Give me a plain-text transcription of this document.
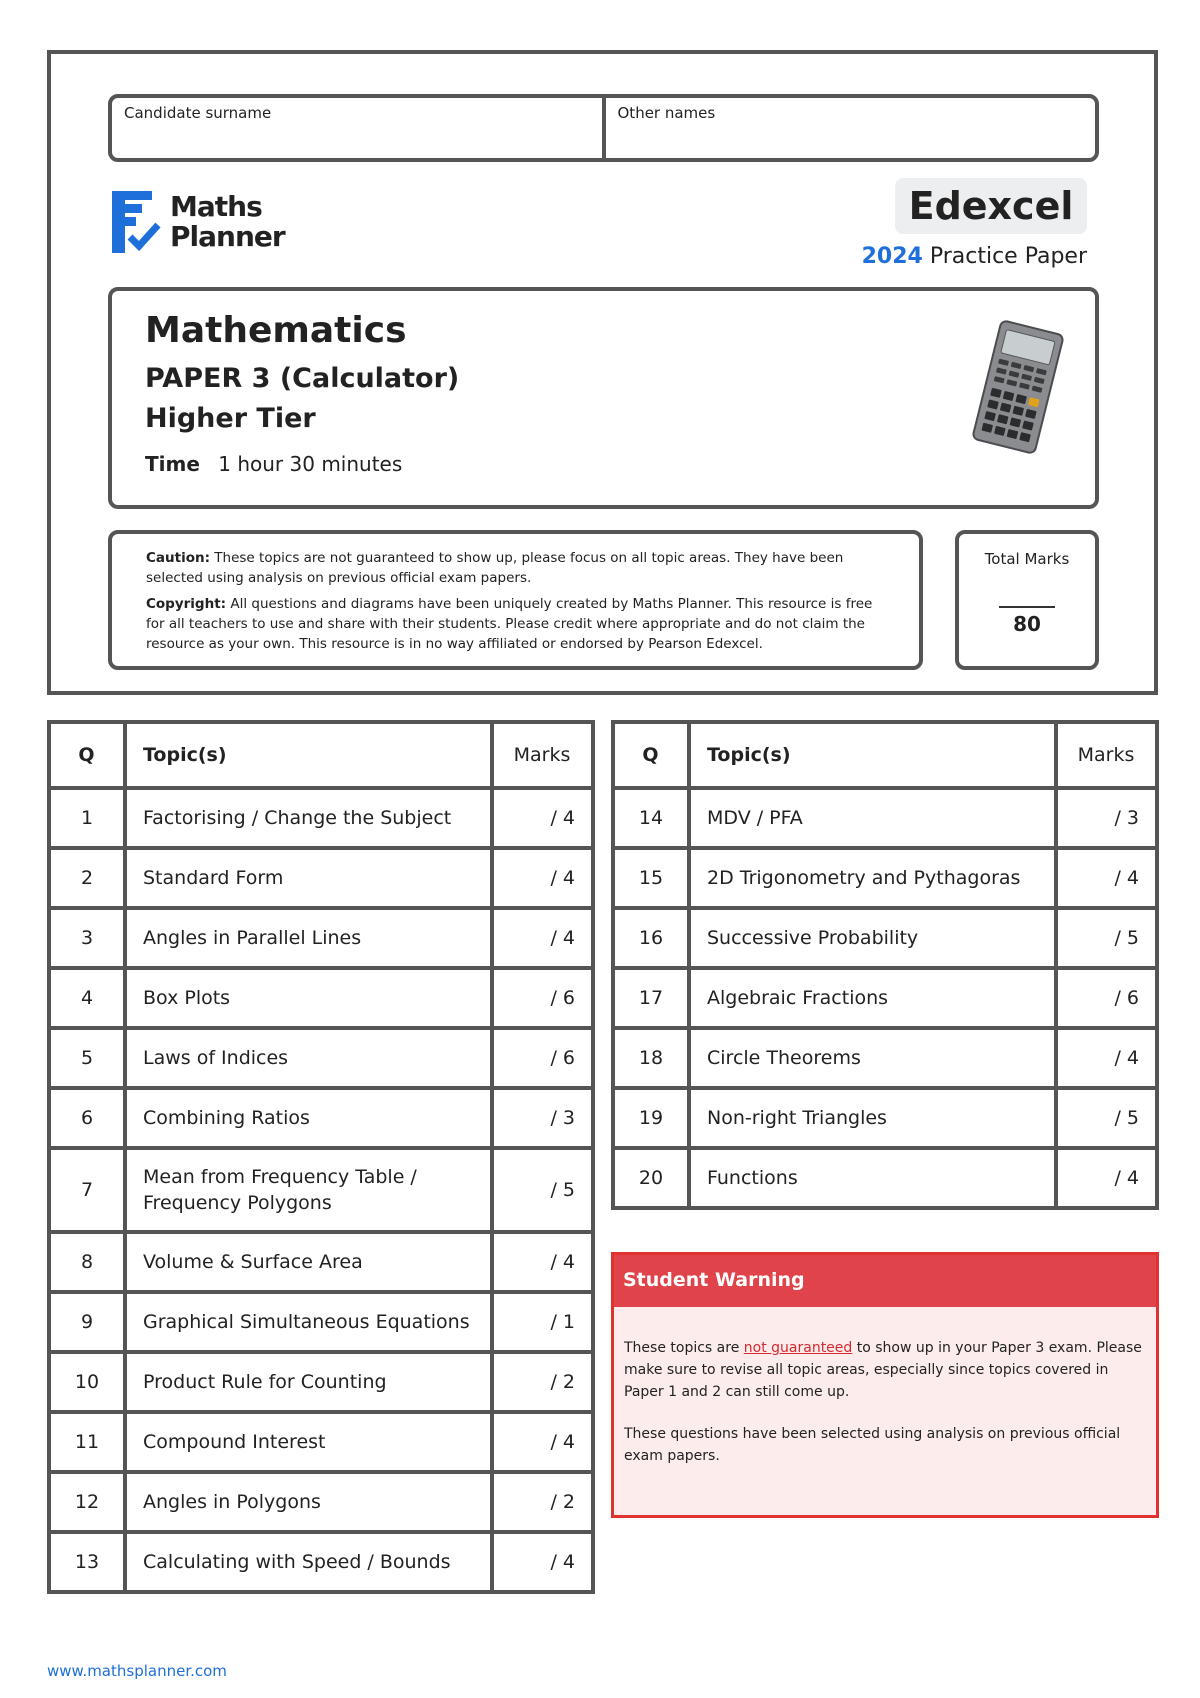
Candidate surname	Other names
Maths
Planner
Edexcel
2024 Practice Paper
Mathematics
PAPER 3 (Calculator)
Higher Tier
Time 1 hour 30 minutes

Caution: These topics are not guaranteed to show up, please focus on all topic areas. They have been selected using analysis on previous official exam papers.

Copyright: All questions and diagrams have been uniquely created by Maths Planner. This resource is free for all teachers to use and share with their students. Please credit where appropriate and do not claim the resource as your own. This resource is in no way affiliated or endorsed by Pearson Edexcel.

Total Marks
80
Q	Topic(s)	Marks
1	Factorising / Change the Subject	/ 4
2	Standard Form	/ 4
3	Angles in Parallel Lines	/ 4
4	Box Plots	/ 6
5	Laws of Indices	/ 6
6	Combining Ratios	/ 3
7	Mean from Frequency Table / Frequency Polygons	/ 5
8	Volume & Surface Area	/ 4
9	Graphical Simultaneous Equations	/ 1
10	Product Rule for Counting	/ 2
11	Compound Interest	/ 4
12	Angles in Polygons	/ 2
13	Calculating with Speed / Bounds	/ 4
Q	Topic(s)	Marks
14	MDV / PFA	/ 3
15	2D Trigonometry and Pythagoras	/ 4
16	Successive Probability	/ 5
17	Algebraic Fractions	/ 6
18	Circle Theorems	/ 4
19	Non-right Triangles	/ 5
20	Functions	/ 4
Student Warning

These topics are not guaranteed to show up in your Paper 3 exam. Please make sure to revise all topic areas, especially since topics covered in Paper 1 and 2 can still come up.

These questions have been selected using analysis on previous official exam papers.

www.mathsplanner.com
